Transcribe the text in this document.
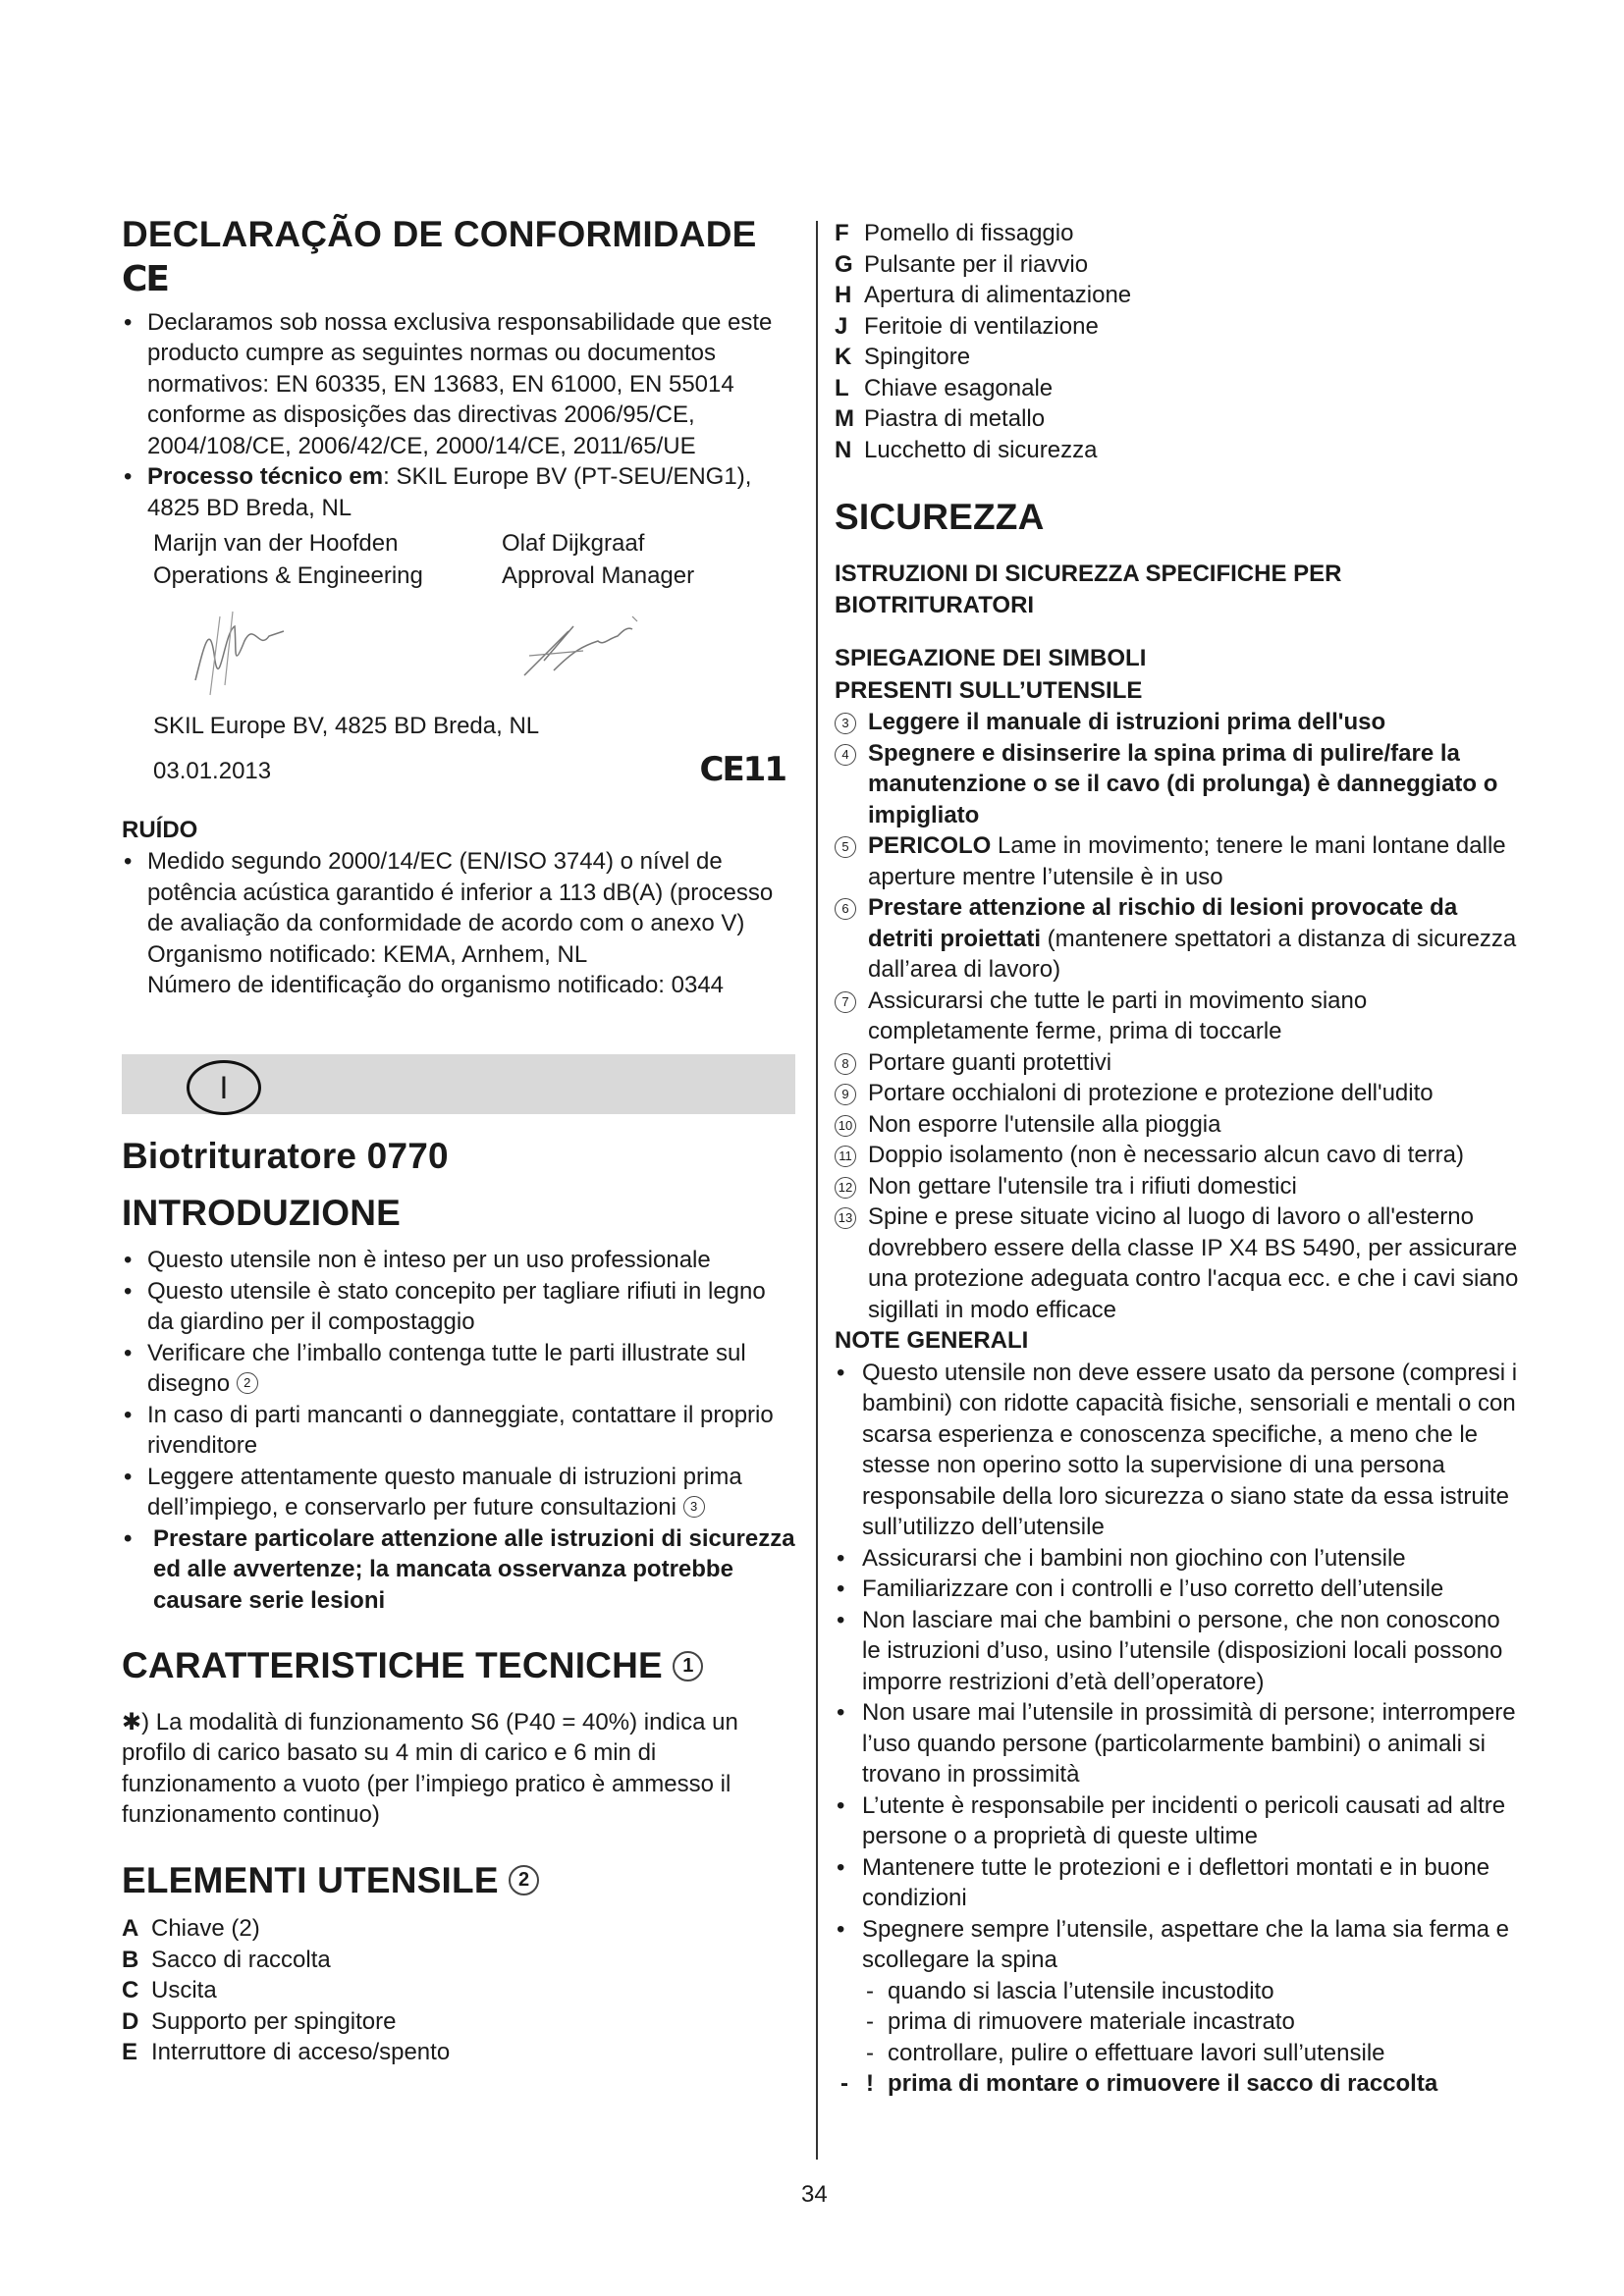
DECLARAÇÃO DE CONFORMIDADE
CE
• Declaramos sob nossa exclusiva responsabilidade que este producto cumpre as seguintes normas ou documentos normativos: EN 60335, EN 13683, EN 61000, EN 55014 conforme as disposições das directivas 2006/95/CE, 2004/108/CE, 2006/42/CE, 2000/14/CE, 2011/65/UE
• Processo técnico em: SKIL Europe BV (PT-SEU/ENG1), 4825 BD Breda, NL
Marijn van der Hoofden	Olaf Dijkgraaf
Operations & Engineering	Approval Manager
SKIL Europe BV, 4825 BD Breda, NL
03.01.2013	CE11
RUÍDO
• Medido segundo 2000/14/EC (EN/ISO 3744) o nível de potência acústica garantido é inferior a 113 dB(A) (processo de avaliação da conformidade de acordo com o anexo V)
Organismo notificado: KEMA, Arnhem, NL
Número de identificação do organismo notificado: 0344
I
Biotrituratore 0770
INTRODUZIONE
• Questo utensile non è inteso per un uso professionale
• Questo utensile è stato concepito per tagliare rifiuti in legno da giardino per il compostaggio
• Verificare che l’imballo contenga tutte le parti illustrate sul disegno 2
• In caso di parti mancanti o danneggiate, contattare il proprio rivenditore
• Leggere attentamente questo manuale di istruzioni prima dell’impiego, e conservarlo per future consultazioni 3
• Prestare particolare attenzione alle istruzioni di sicurezza ed alle avvertenze; la mancata osservanza potrebbe causare serie lesioni
CARATTERISTICHE TECNICHE 1

✱) La modalità di funzionamento S6 (P40 = 40%) indica un profilo di carico basato su 4 min di carico e 6 min di funzionamento a vuoto (per l’impiego pratico è ammesso il funzionamento continuo)

ELEMENTI UTENSILE 2
A Chiave (2)
B Sacco di raccolta
C Uscita
D Supporto per spingitore
E Interruttore di acceso/spento
F Pomello di fissaggio
G Pulsante per il riavvio
H Apertura di alimentazione
J Feritoie di ventilazione
K Spingitore
L Chiave esagonale
M Piastra di metallo
N Lucchetto di sicurezza
SICUREZZA
ISTRUZIONI DI SICUREZZA SPECIFICHE PER BIOTRITURATORI
SPIEGAZIONE DEI SIMBOLI PRESENTI SULL’UTENSILE
3 Leggere il manuale di istruzioni prima dell'uso
4 Spegnere e disinserire la spina prima di pulire/fare la manutenzione o se il cavo (di prolunga) è danneggiato o impigliato
5 PERICOLO Lame in movimento; tenere le mani lontane dalle aperture mentre l’utensile è in uso
6 Prestare attenzione al rischio di lesioni provocate da detriti proiettati (mantenere spettatori a distanza di sicurezza dall’area di lavoro)
7 Assicurarsi che tutte le parti in movimento siano completamente ferme, prima di toccarle
8 Portare guanti protettivi
9 Portare occhialoni di protezione e protezione dell'udito
10 Non esporre l'utensile alla pioggia
11 Doppio isolamento (non è necessario alcun cavo di terra)
12 Non gettare l'utensile tra i rifiuti domestici
13 Spine e prese situate vicino al luogo di lavoro o all'esterno dovrebbero essere della classe IP X4 BS 5490, per assicurare una protezione adeguata contro l'acqua ecc. e che i cavi siano sigillati in modo efficace
NOTE GENERALI
• Questo utensile non deve essere usato da persone (compresi i bambini) con ridotte capacità fisiche, sensoriali e mentali o con scarsa esperienza e conoscenza specifiche, a meno che le stesse non operino sotto la supervisione di una persona responsabile della loro sicurezza o siano state da essa istruite sull’utilizzo dell’utensile
• Assicurarsi che i bambini non giochino con l’utensile
• Familiarizzare con i controlli e l’uso corretto dell’utensile
• Non lasciare mai che bambini o persone, che non conoscono le istruzioni d’uso, usino l’utensile (disposizioni locali possono imporre restrizioni d’età dell’operatore)
• Non usare mai l’utensile in prossimità di persone; interrompere l’uso quando persone (particolarmente bambini) o animali si trovano in prossimità
• L’utente è responsabile per incidenti o pericoli causati ad altre persone o a proprietà di queste ultime
• Mantenere tutte le protezioni e i deflettori montati e in buone condizioni
• Spegnere sempre l’utensile, aspettare che la lama sia ferma e scollegare la spina
- quando si lascia l’utensile incustodito
- prima di rimuovere materiale incastrato
- controllare, pulire o effettuare lavori sull’utensile
- ! prima di montare o rimuovere il sacco di raccolta
34
